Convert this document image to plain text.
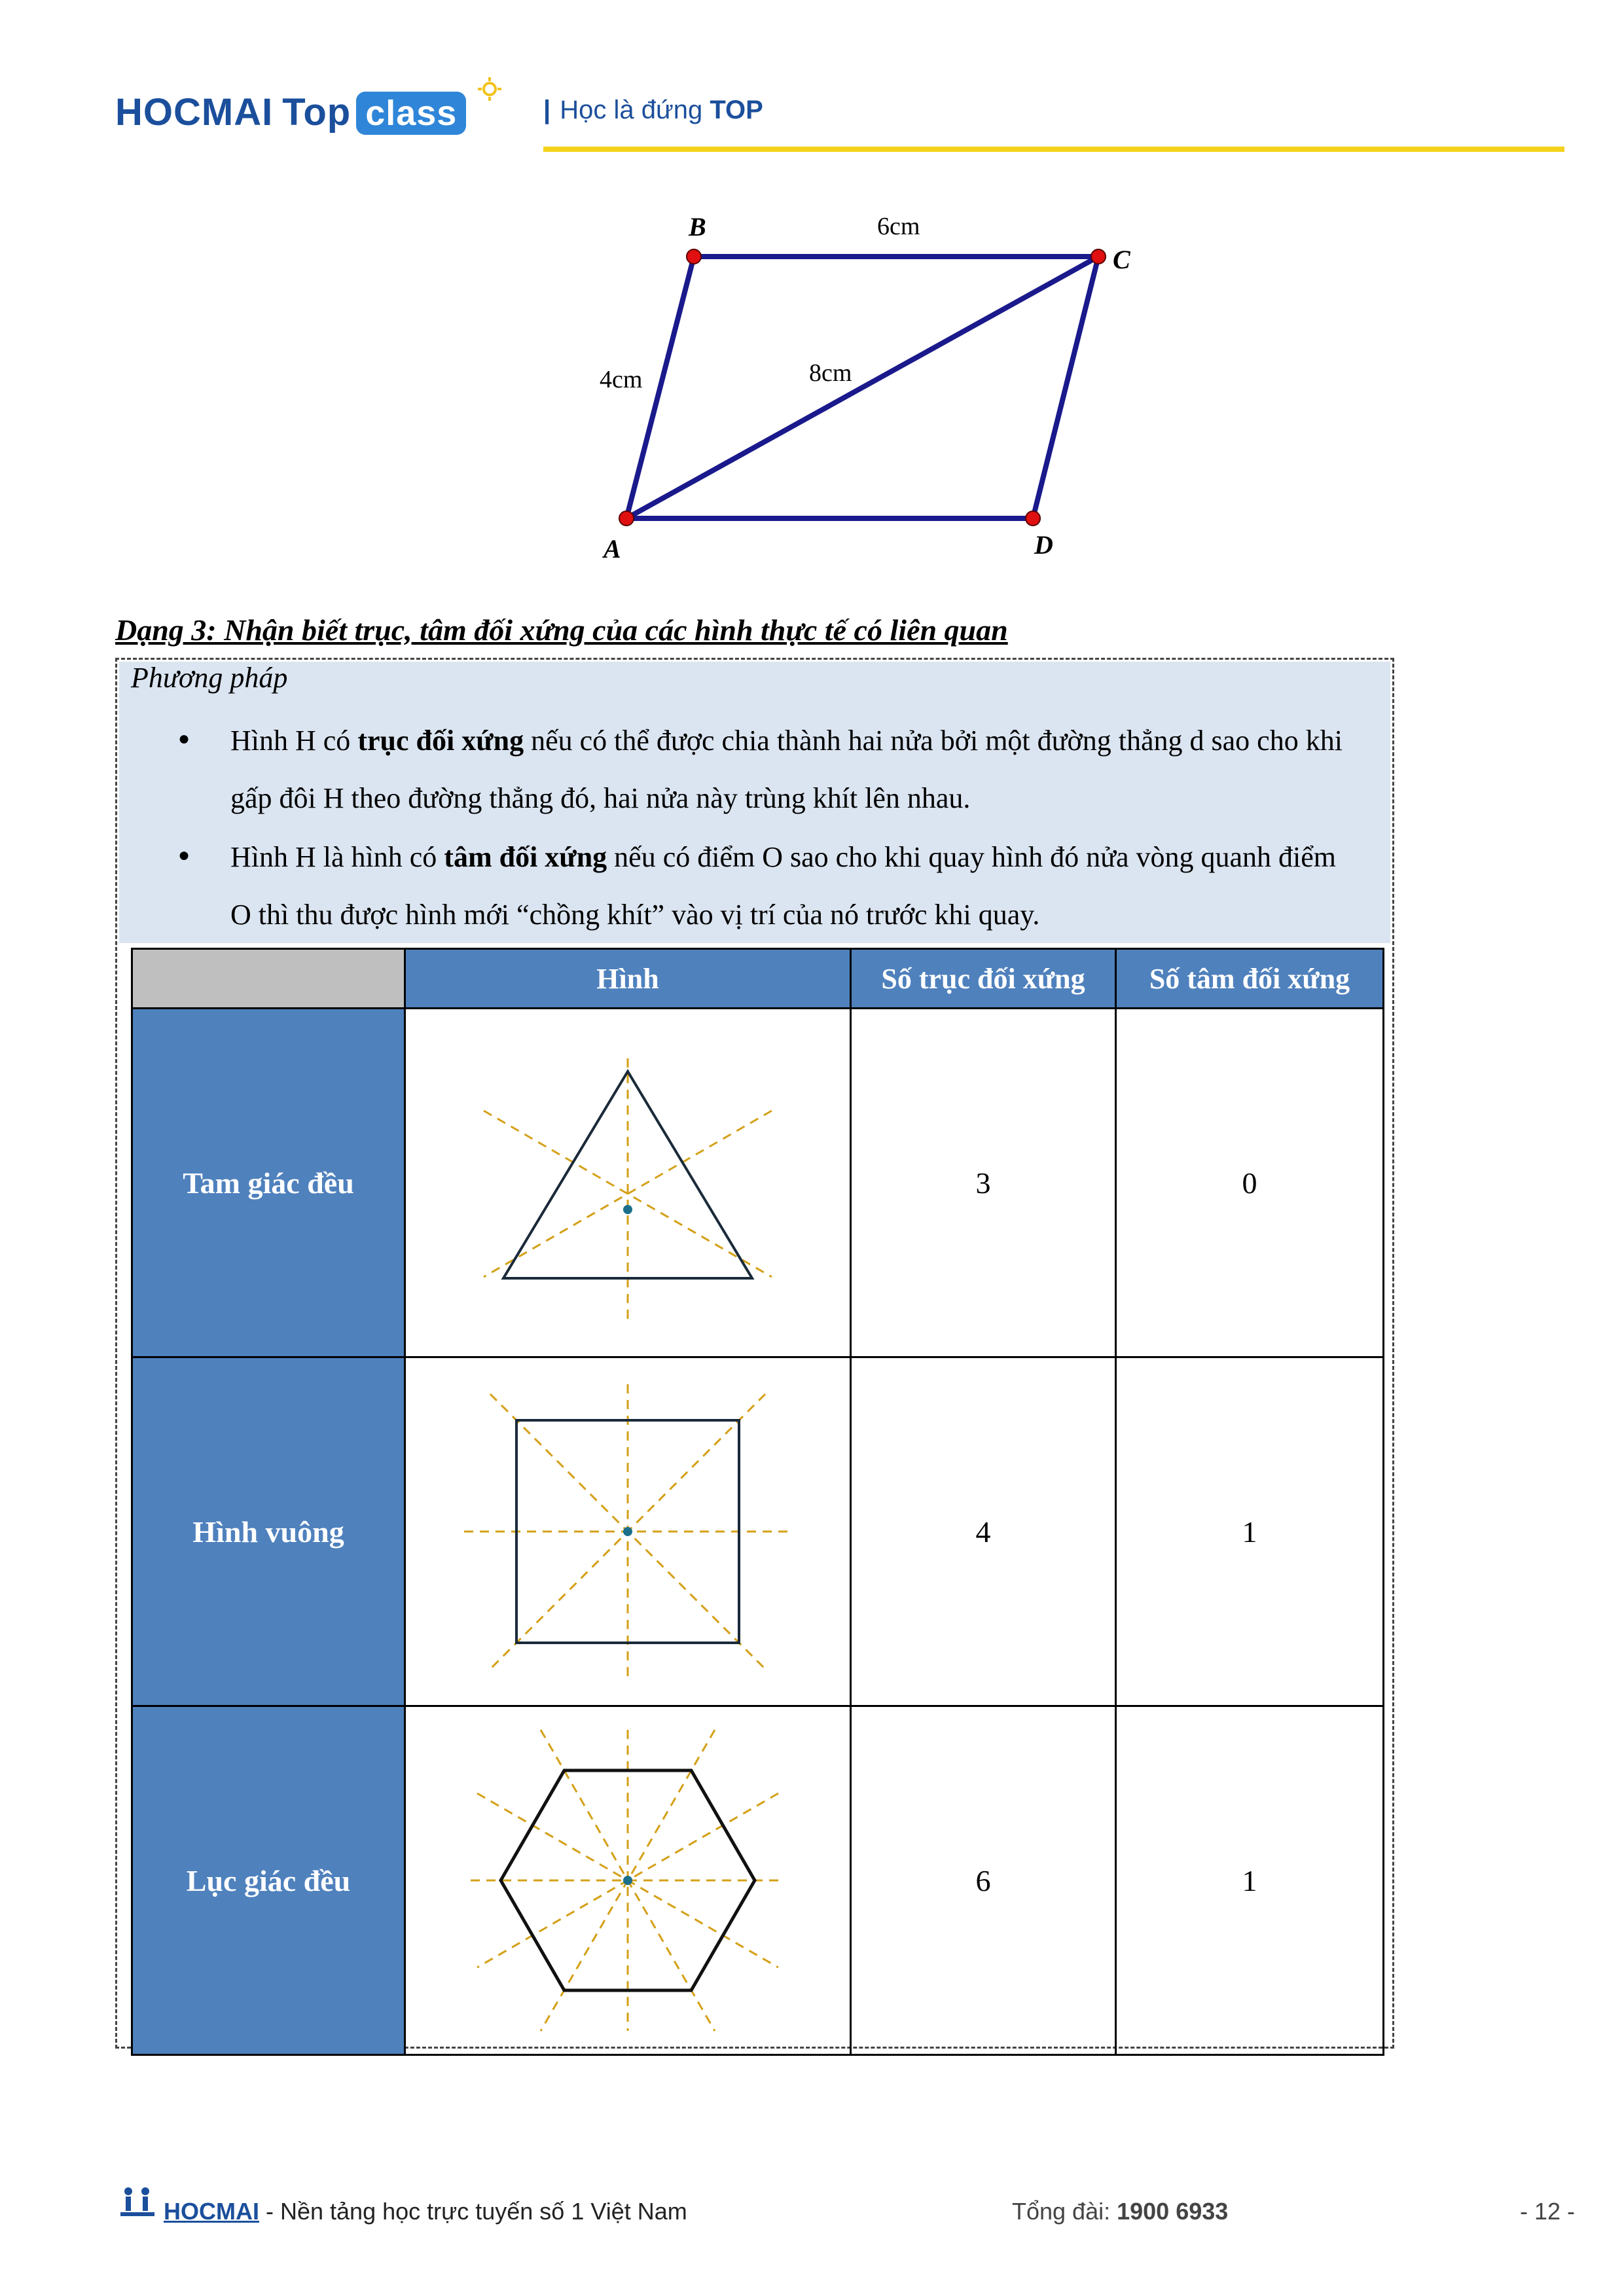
HOCMAI Top class	| Học là đứng TOP
A
B
C
D
6cm
4cm	8cm
Dạng 3: Nhận biết trục, tâm đối xứng của các hình thực tế có liên quan
Phương pháp
● Hình H có trục đối xứng nếu có thể được chia thành hai nửa bởi một đường thẳng d sao cho khi gấp đôi H theo đường thẳng đó, hai nửa này trùng khít lên nhau.
● Hình H là hình có tâm đối xứng nếu có điểm O sao cho khi quay hình đó nửa vòng quanh điểm O thì thu được hình mới “chồng khít” vào vị trí của nó trước khi quay.
	Hình	Số trục đối xứng	Số tâm đối xứng
Tam giác đều		3	0
Hình vuông		4	1
Lục giác đều		6	1
HOCMAI - Nền tảng học trực tuyến số 1 Việt Nam	Tổng đài: 1900 6933	- 12 -
